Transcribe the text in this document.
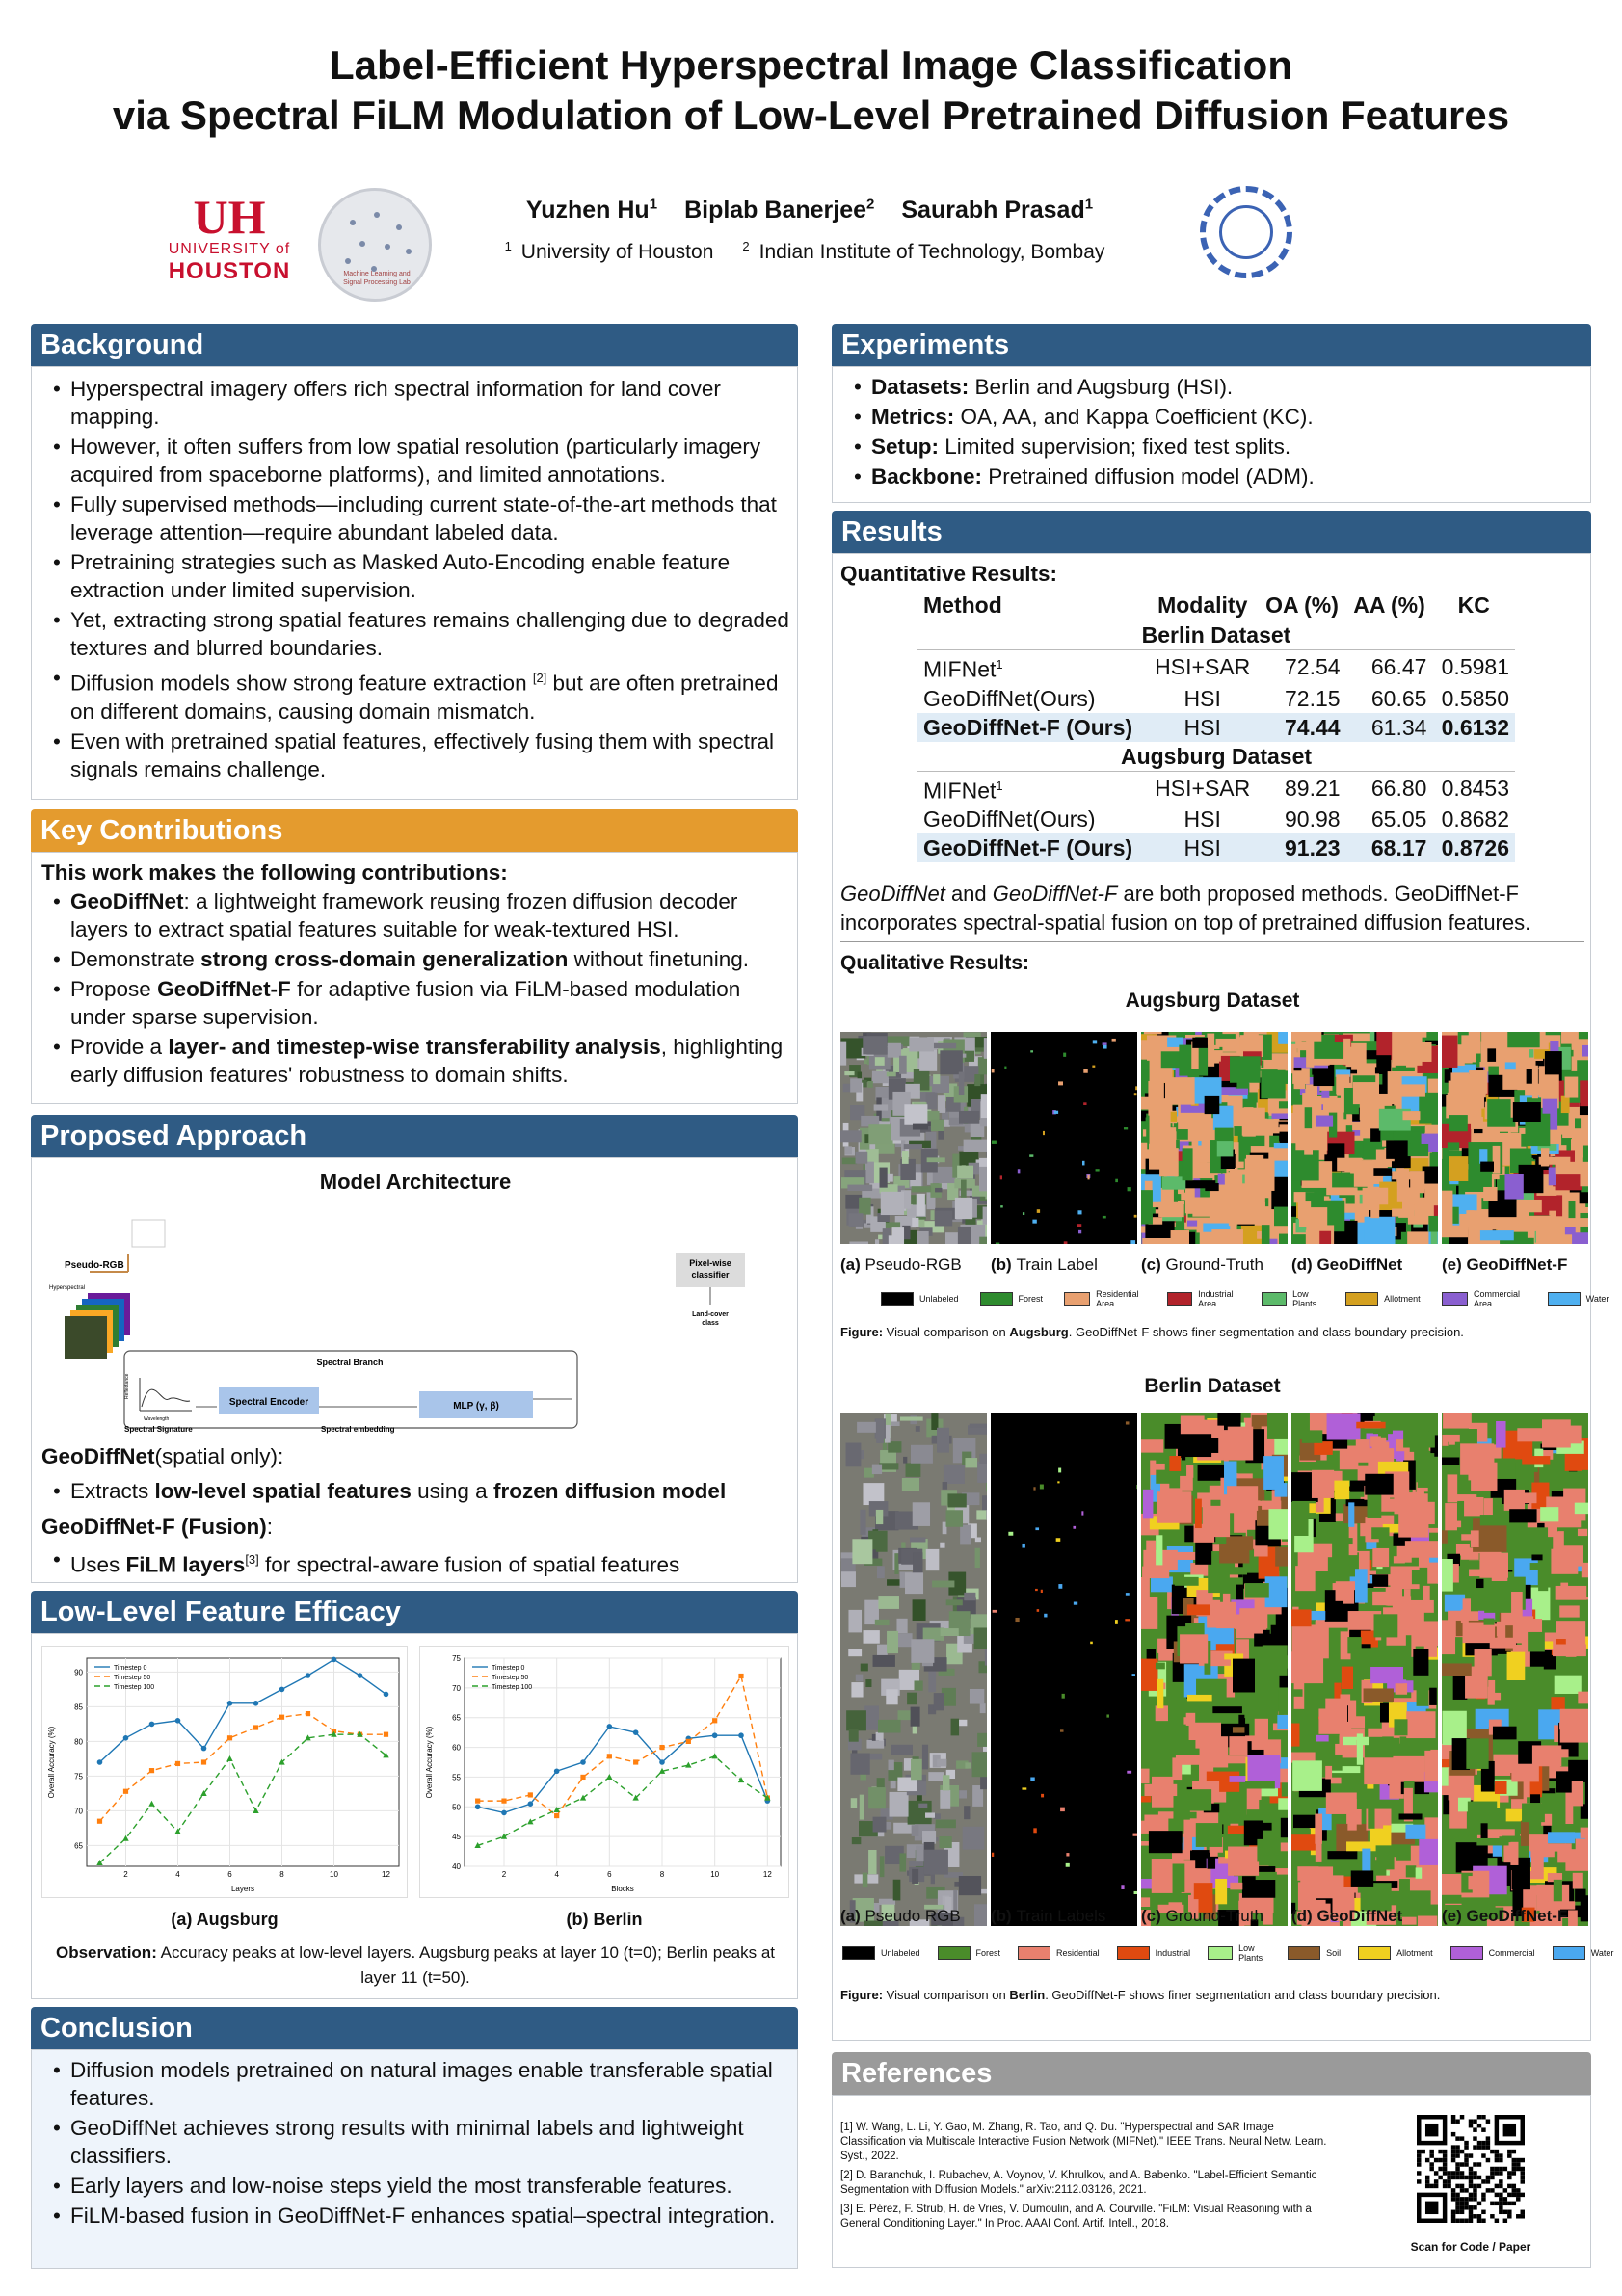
Label-Efficient Hyperspectral Image Classification
via Spectral FiLM Modulation of Low-Level Pretrained Diffusion Features
UH
UNIVERSITY of
HOUSTON	Machine Learning and
Signal Processing Lab
Yuzhen Hu$^1$ Biplab Banerjee$^2$ Saurabh Prasad$^1$
$^1$ University of Houston $^2$ Indian Institute of Technology, Bombay
Background
• Hyperspectral imagery offers rich spectral information for land cover mapping.
• However, it often suffers from low spatial resolution (particularly imagery acquired from spaceborne platforms), and limited annotations.
• Fully supervised methods—including current state-of-the-art methods that leverage attention—require abundant labeled data.
• Pretraining strategies such as Masked Auto-Encoding enable feature extraction under limited supervision.
• Yet, extracting strong spatial features remains challenging due to degraded textures and blurred boundaries.
• Diffusion models show strong feature extraction [2] but are often pretrained on different domains, causing domain mismatch.
• Even with pretrained spatial features, effectively fusing them with spectral signals remains challenge.
Key Contributions
This work makes the following contributions:
• GeoDiffNet: a lightweight framework reusing frozen diffusion decoder layers to extract spatial features suitable for weak-textured HSI.
• Demonstrate strong cross-domain generalization without finetuning.
• Propose GeoDiffNet-F for adaptive fusion via FiLM-based modulation under sparse supervision.
• Provide a layer- and timestep-wise transferability analysis, highlighting early diffusion features' robustness to domain shifts.
Proposed Approach
Model Architecture
Pseudo-RGB
Hyperspectral
Spectral Branch
Wavelength
Reflectance
Spectral Signature
Spectral Encoder
Spectral embedding
MLP (γ, β)
Pixel-wise
classifier
Land-cover
class
GeoDiffNet(spatial only):
• Extracts low-level spatial features using a frozen diffusion model
GeoDiffNet-F (Fusion):
• Uses FiLM layers[3] for spectral-aware fusion of spatial features
Low-Level Feature Efficacy
65
70
75
80
85
90
2	4	6	8	10	12
Layers
Overall Accuracy (%)
Timestep 0
Timestep 50
Timestep 100
40
45
50
55
60
65
70
75
2	4	6	8	10	12
Blocks
Overall Accuracy (%)
Timestep 0
Timestep 50
Timestep 100
(a) Augsburg	(b) Berlin
Observation: Accuracy peaks at low-level layers. Augsburg peaks at layer 10 (t=0); Berlin peaks at layer 11 (t=50).
Conclusion
• Diffusion models pretrained on natural images enable transferable spatial features.
• GeoDiffNet achieves strong results with minimal labels and lightweight classifiers.
• Early layers and low-noise steps yield the most transferable features.
• FiLM-based fusion in GeoDiffNet-F enhances spatial–spectral integration.
Experiments
• Datasets: Berlin and Augsburg (HSI).
• Metrics: OA, AA, and Kappa Coefficient (KC).
• Setup: Limited supervision; fixed test splits.
• Backbone: Pretrained diffusion model (ADM).
Results
Quantitative Results:
Method	Modality	OA (%)	AA (%)	KC
Berlin Dataset				
MIFNet$^1$	HSI+SAR	72.54	66.47	0.5981
GeoDiffNet(Ours)	HSI	72.15	60.65	0.5850
GeoDiffNet-F (Ours)	HSI	74.44	61.34	0.6132
Augsburg Dataset				
MIFNet$^1$	HSI+SAR	89.21	66.80	0.8453
GeoDiffNet(Ours)	HSI	90.98	65.05	0.8682
GeoDiffNet-F (Ours)	HSI	91.23	68.17	0.8726
GeoDiffNet and GeoDiffNet-F are both proposed methods. GeoDiffNet-F incorporates spectral-spatial fusion on top of pretrained diffusion features.
Qualitative Results:
Augsburg Dataset
(a) Pseudo-RGB (b) Train Label	(c) Ground-Truth (d) GeoDiffNet (e) GeoDiffNet-F
Unlabeled	Forest	Residential Area
Industrial Area
Low Plants	Allotment	Commercial Area	Water
Figure: Visual comparison on Augsburg. GeoDiffNet-F shows finer segmentation and class boundary precision.
Berlin Dataset
(a) Pseudo RGB (b) Train Labels (c) Ground-Truth (d) GeoDiffNet (e) GeoDiffNet-F
Unlabeled	Forest	Residential	Industrial	Low Plants	Soil	Allotment	Commercial	Water
Figure: Visual comparison on Berlin. GeoDiffNet-F shows finer segmentation and class boundary precision.
References
[1] W. Wang, L. Li, Y. Gao, M. Zhang, R. Tao, and Q. Du. "Hyperspectral and SAR Image Classification via Multiscale Interactive Fusion Network (MIFNet)." IEEE Trans. Neural Netw. Learn. Syst., 2022.
[2] D. Baranchuk, I. Rubachev, A. Voynov, V. Khrulkov, and A. Babenko. "Label-Efficient Semantic Segmentation with Diffusion Models." arXiv:2112.03126, 2021.
[3] E. Pérez, F. Strub, H. de Vries, V. Dumoulin, and A. Courville. "FiLM: Visual Reasoning with a General Conditioning Layer." In Proc. AAAI Conf. Artif. Intell., 2018.
Scan for Code / Paper
